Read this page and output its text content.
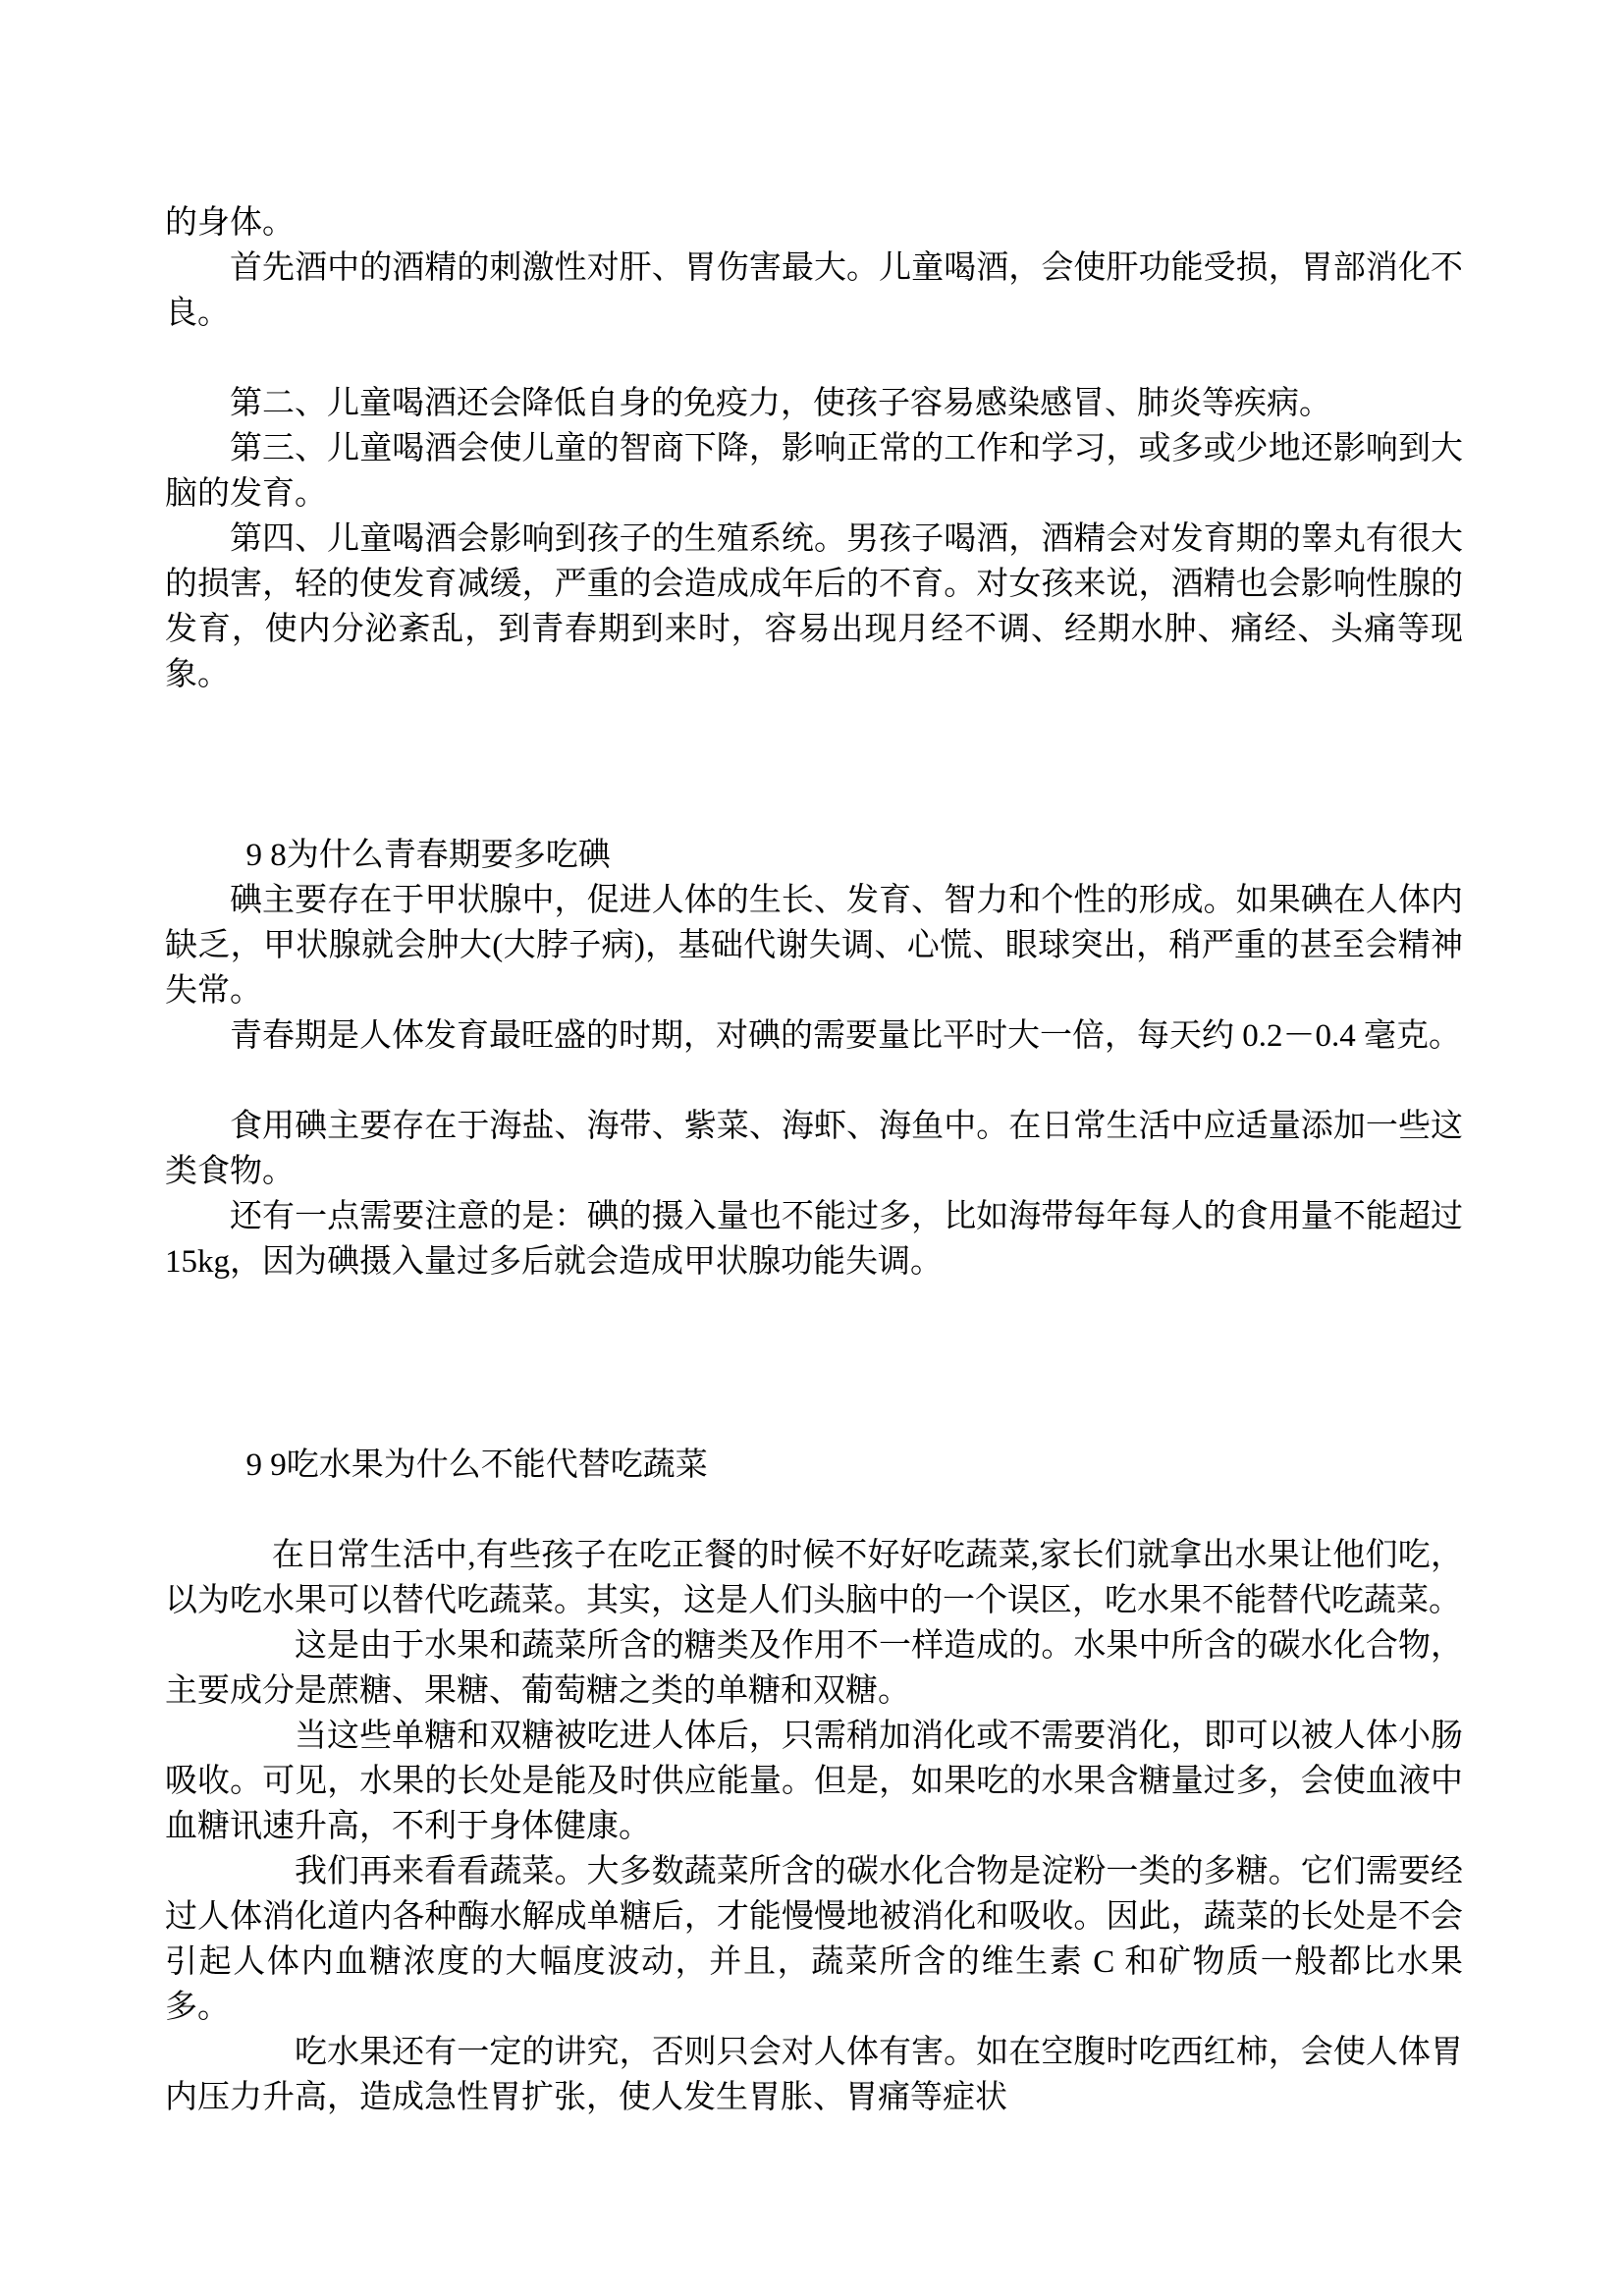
的身体。

首先酒中的酒精的刺激性对肝、胃伤害最大。儿童喝酒，会使肝功能受损，胃部消化不良。

第二、儿童喝酒还会降低自身的免疫力，使孩子容易感染感冒、肺炎等疾病。

第三、儿童喝酒会使儿童的智商下降，影响正常的工作和学习，或多或少地还影响到大脑的发育。

第四、儿童喝酒会影响到孩子的生殖系统。男孩子喝酒，酒精会对发育期的睾丸有很大的损害，轻的使发育减缓，严重的会造成成年后的不育。对女孩来说，酒精也会影响性腺的发育，使内分泌紊乱，到青春期到来时，容易出现月经不调、经期水肿、痛经、头痛等现象。

9 8为什么青春期要多吃碘

碘主要存在于甲状腺中，促进人体的生长、发育、智力和个性的形成。如果碘在人体内缺乏，甲状腺就会肿大(大脖子病)，基础代谢失调、心慌、眼球突出，稍严重的甚至会精神失常。

青春期是人体发育最旺盛的时期，对碘的需要量比平时大一倍，每天约 0.2－0.4 毫克。

食用碘主要存在于海盐、海带、紫菜、海虾、海鱼中。在日常生活中应适量添加一些这类食物。

还有一点需要注意的是：碘的摄入量也不能过多，比如海带每年每人的食用量不能超过 15kg，因为碘摄入量过多后就会造成甲状腺功能失调。

9 9吃水果为什么不能代替吃蔬菜

在日常生活中,有些孩子在吃正餐的时候不好好吃蔬菜,家长们就拿出水果让他们吃，以为吃水果可以替代吃蔬菜。其实，这是人们头脑中的一个误区，吃水果不能替代吃蔬菜。

这是由于水果和蔬菜所含的糖类及作用不一样造成的。水果中所含的碳水化合物，主要成分是蔗糖、果糖、葡萄糖之类的单糖和双糖。

当这些单糖和双糖被吃进人体后，只需稍加消化或不需要消化，即可以被人体小肠吸收。可见，水果的长处是能及时供应能量。但是，如果吃的水果含糖量过多，会使血液中血糖讯速升高，不利于身体健康。

我们再来看看蔬菜。大多数蔬菜所含的碳水化合物是淀粉一类的多糖。它们需要经过人体消化道内各种酶水解成单糖后，才能慢慢地被消化和吸收。因此，蔬菜的长处是不会引起人体内血糖浓度的大幅度波动，并且，蔬菜所含的维生素 C 和矿物质一般都比水果多。

吃水果还有一定的讲究，否则只会对人体有害。如在空腹时吃西红柿，会使人体胃内压力升高，造成急性胃扩张，使人发生胃胀、胃痛等症状
